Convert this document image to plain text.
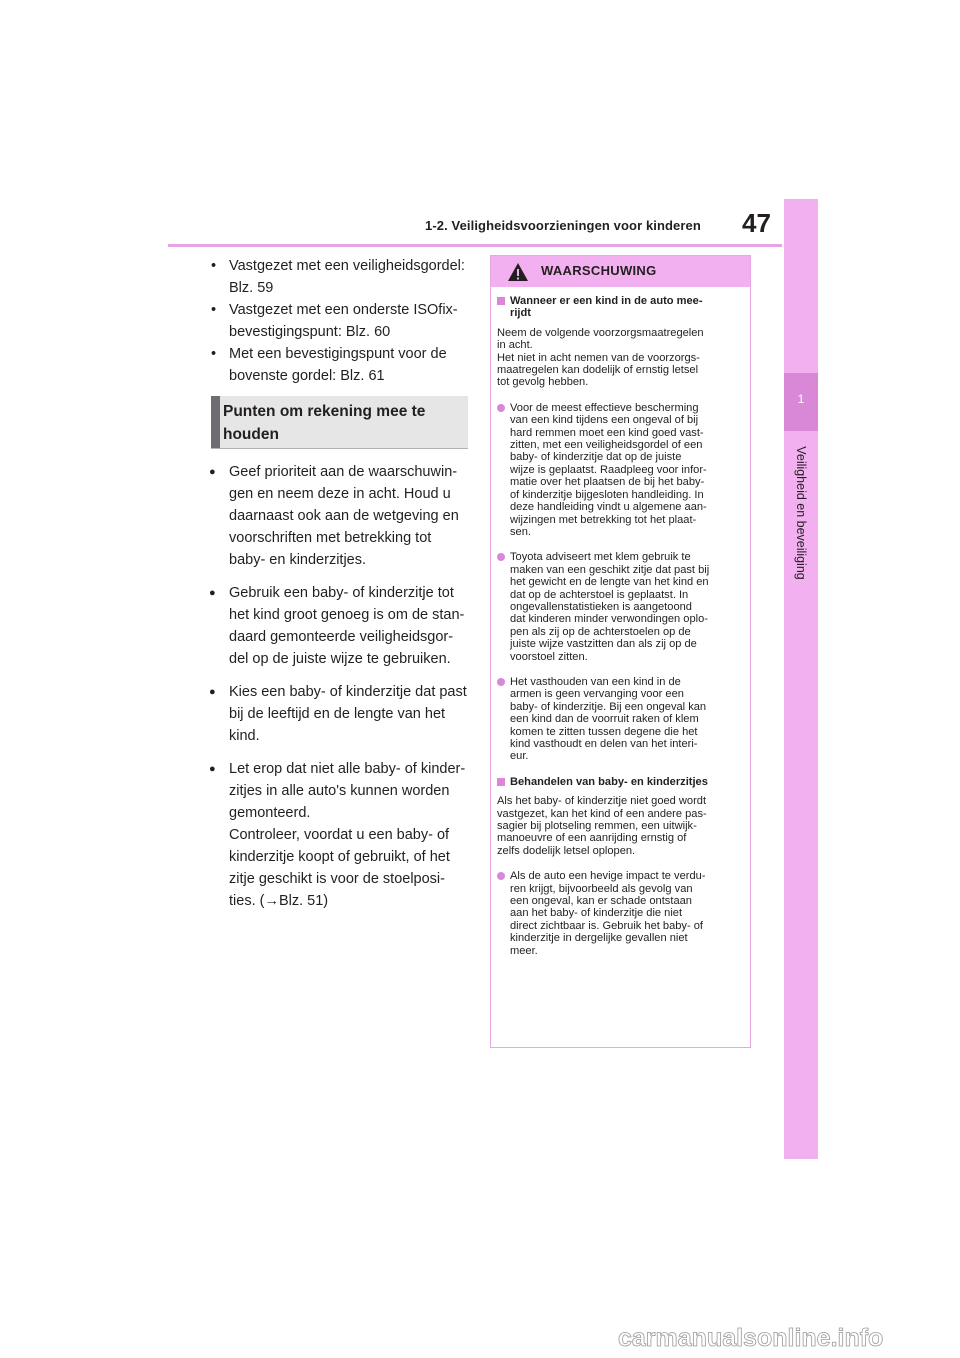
1-2. Veiligheidsvoorzieningen voor kinderen 47
1
Veiligheid en beveiliging
• Vastgezet met een veiligheidsgordel:
Blz. 59
• Vastgezet met een onderste ISOfix-
bevestigingspunt: Blz. 60
• Met een bevestigingspunt voor de
bovenste gordel: Blz. 61
Punten om rekening mee te
houden
● Geef prioriteit aan de waarschuwin-
gen en neem deze in acht. Houd u
daarnaast ook aan de wetgeving en
voorschriften met betrekking tot
baby- en kinderzitjes.
● Gebruik een baby- of kinderzitje tot
het kind groot genoeg is om de stan-
daard gemonteerde veiligheidsgor-
del op de juiste wijze te gebruiken.
● Kies een baby- of kinderzitje dat past
bij de leeftijd en de lengte van het
kind.
● Let erop dat niet alle baby- of kinder-
zitjes in alle auto's kunnen worden
gemonteerd.
Controleer, voordat u een baby- of
kinderzitje koopt of gebruikt, of het
zitje geschikt is voor de stoelposi-
ties. (→Blz. 51)
WAARSCHUWING
Wanneer er een kind in de auto mee-
rijdt
Neem de volgende voorzorgsmaatregelen
in acht.
Het niet in acht nemen van de voorzorgs-
maatregelen kan dodelijk of ernstig letsel
tot gevolg hebben.
Voor de meest effectieve bescherming
van een kind tijdens een ongeval of bij
hard remmen moet een kind goed vast-
zitten, met een veiligheidsgordel of een
baby- of kinderzitje dat op de juiste
wijze is geplaatst. Raadpleeg voor infor-
matie over het plaatsen de bij het baby-
of kinderzitje bijgesloten handleiding. In
deze handleiding vindt u algemene aan-
wijzingen met betrekking tot het plaat-
sen.
Toyota adviseert met klem gebruik te
maken van een geschikt zitje dat past bij
het gewicht en de lengte van het kind en
dat op de achterstoel is geplaatst. In
ongevallenstatistieken is aangetoond
dat kinderen minder verwondingen oplo-
pen als zij op de achterstoelen op de
juiste wijze vastzitten dan als zij op de
voorstoel zitten.
Het vasthouden van een kind in de
armen is geen vervanging voor een
baby- of kinderzitje. Bij een ongeval kan
een kind dan de voorruit raken of klem
komen te zitten tussen degene die het
kind vasthoudt en delen van het interi-
eur.
Behandelen van baby- en kinderzitjes
Als het baby- of kinderzitje niet goed wordt
vastgezet, kan het kind of een andere pas-
sagier bij plotseling remmen, een uitwijk-
manoeuvre of een aanrijding ernstig of
zelfs dodelijk letsel oplopen.
Als de auto een hevige impact te verdu-
ren krijgt, bijvoorbeeld als gevolg van
een ongeval, kan er schade ontstaan
aan het baby- of kinderzitje die niet
direct zichtbaar is. Gebruik het baby- of
kinderzitje in dergelijke gevallen niet
meer.
carmanualsonline.info
